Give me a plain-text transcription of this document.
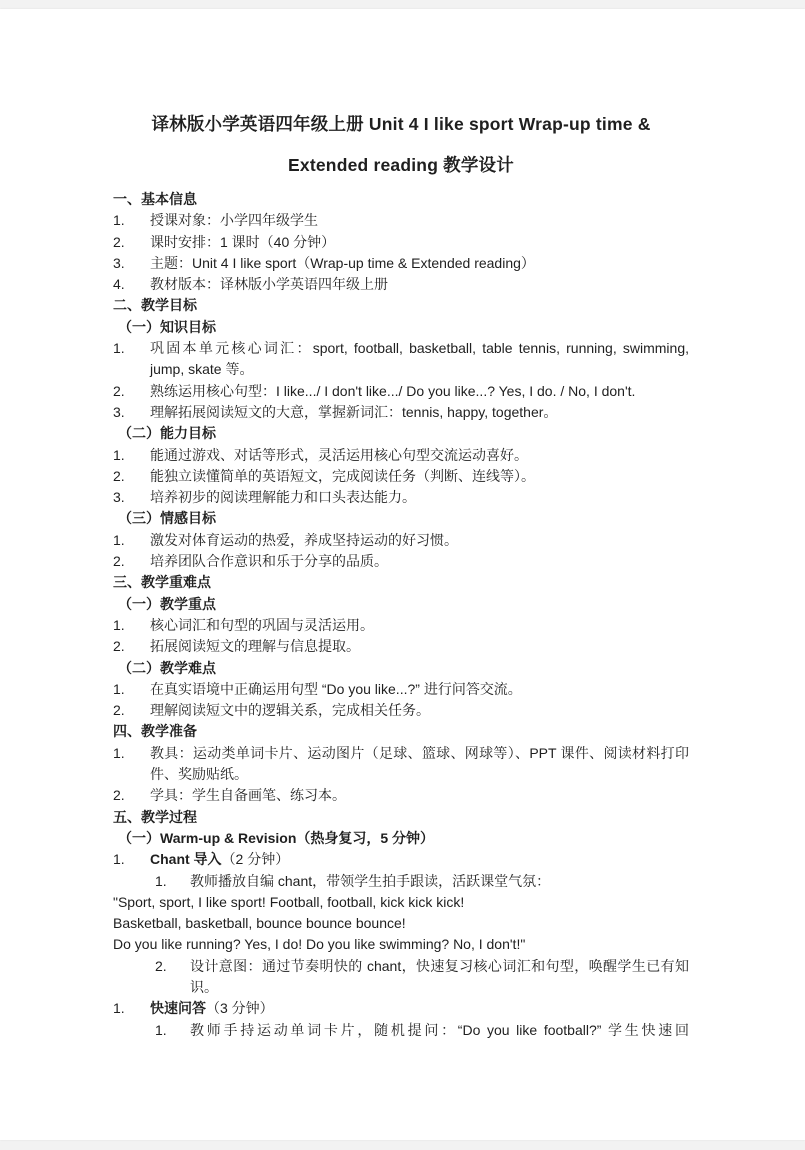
译林版小学英语四年级上册 Unit 4 I like sport Wrap-up time &
Extended reading 教学设计
一、基本信息
1.	授课对象：小学四年级学生
2.	课时安排：1 课时（40 分钟）
3.	主题：Unit 4 I like sport（Wrap-up time & Extended reading）
4.	教材版本：译林版小学英语四年级上册
二、教学目标
（一）知识目标
1.	巩固本单元核心词汇：sport, football, basketball, table tennis, running, swimming, jump, skate 等。
2.	熟练运用核心句型：I like.../ I don't like.../ Do you like...? Yes, I do. / No, I don't.
3.	理解拓展阅读短文的大意，掌握新词汇：tennis, happy, together。
（二）能力目标
1.	能通过游戏、对话等形式，灵活运用核心句型交流运动喜好。
2.	能独立读懂简单的英语短文，完成阅读任务（判断、连线等）。
3.	培养初步的阅读理解能力和口头表达能力。
（三）情感目标
1.	激发对体育运动的热爱，养成坚持运动的好习惯。
2.	培养团队合作意识和乐于分享的品质。
三、教学重难点
（一）教学重点
1.	核心词汇和句型的巩固与灵活运用。
2.	拓展阅读短文的理解与信息提取。
（二）教学难点
1.	在真实语境中正确运用句型 “Do you like...?” 进行问答交流。
2.	理解阅读短文中的逻辑关系，完成相关任务。
四、教学准备
1.	教具：运动类单词卡片、运动图片（足球、篮球、网球等）、PPT 课件、阅读材料打印件、奖励贴纸。
2.	学具：学生自备画笔、练习本。
五、教学过程
（一）Warm-up & Revision（热身复习，5 分钟）
1.	Chant 导入（2 分钟）
1.	教师播放自编 chant，带领学生拍手跟读，活跃课堂气氛：
"Sport, sport, I like sport! Football, football, kick kick kick!
Basketball, basketball, bounce bounce bounce!
Do you like running? Yes, I do! Do you like swimming? No, I don't!"
2.	设计意图：通过节奏明快的 chant，快速复习核心词汇和句型，唤醒学生已有知识。
1.	快速问答（3 分钟）
1.	教师手持运动单词卡片，随机提问：“Do you like football?” 学生快速回
